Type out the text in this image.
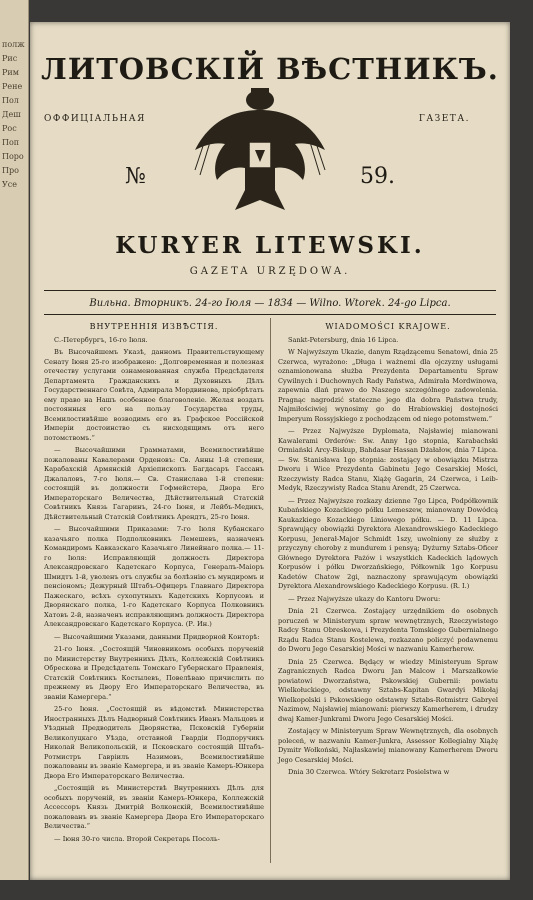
полж
Рис
Рим
Рене
Пол
Деш
Рос
Поп
Поро
Про
Усе
ЛИТОВСКІЙ ВѢСТНИКЪ.
ОФФИЦІАЛЬНАЯ	ГАЗЕТА.
№	59.
KURYER LITEWSKI.
GAZETA URZĘDOWA.
Вильна. Вторникъ. 24-го Іюля — 1834 — Wilno. Wtorek. 24-go Lipca.
ВНУТРЕННІЯ ИЗВѢСТІЯ.

С.-Петербургъ, 16-го Іюля.

Въ Высочайшемъ Указѣ, данномъ Правительствующему Сенату Іюня 25-го изображено: „Долговременная и полезная отечеству услугами ознаменованная служба Предсѣдателя Департамента Гражданскихъ и Духовныхъ Дѣлъ Государственнаго Совѣта, Адмирала Мордвинова, пріобрѣтать ему право на Нашъ особенное благоволеніе. Желая воздать постоянныя его на пользу Государства труды, Всемилостивѣйше возводимъ его въ Графское Россійской Имперіи достоинство съ нисходящимъ отъ него потомствомъ.“

— Высочайшими Грамматами, Всемилостивѣйше пожалованы Кавалерами Орденовъ: Св. Анны 1-й степени, Карабахскій Армянскій Архіепископъ Багдасаръ Гассанъ Джалаловъ, 7-го Іюля.— Св. Станислава 1-й степени: состоящій въ должности Гофмейстера, Двора Его Императорскаго Величества, Дѣйствительный Статскій Совѣтникъ Князь Гагаринъ, 24-го Іюня, и Лейбъ-Медикъ, Дѣйствительный Статскій Совѣтникъ Арендтъ, 25-го Іюня.

— Высочайшими Приказами: 7-го Іюля Кубанскаго казачьяго полка Подполковникъ Лемешевъ, назначенъ Командиромъ Кавказскаго Казачьяго Линейнаго полка.— 11-го Іюля: Исправляющій должность Директора Александровскаго Кадетскаго Корпуса, Генералъ-Маіоръ Шмидтъ 1-й, уволенъ отъ службы за болѣзнію съ мундиромъ и пенсіономъ; Дежурный Штабъ-Офицеръ Главнаго Директора Пажескаго, всѣхъ сухопутныхъ Кадетскихъ Корпусовъ и Дворянскаго полка, 1-го Кадетскаго Корпуса Полковникъ Хатовъ 2-й, назначенъ исправляющимъ должность Директора Александровскаго Кадетскаго Корпуса. (Р. Ин.)

— Высочайшими Указами, данными Придворной Конторѣ:

21-го Іюня. „Состоящій Чиновникомъ особыхъ порученій по Министерству Внутреннихъ Дѣлъ, Коллежскій Совѣтникъ Обрескова и Предсѣдатель Томскаго Губернскаго Правленія, Статскій Совѣтникъ Костылевъ, Повелѣваю причислить по прежнему въ Двору Его Императорскаго Величества, въ званіи Камергера.“

25-го Іюня. „Состоящій въ вѣдомствѣ Министерства Иностранныхъ Дѣлъ Надворный Совѣтникъ Иванъ Мальцовъ и Уѣздный Предводитель Дворянства, Псковскій Губерніи Великолуцкаго Уѣзда, отставной Гвардіи Подпоручикъ Николай Великопольскій, и Псковскаго состоящій Штабъ-Ротмистръ Гавріилъ Назимовъ, Всемилостивѣйше пожалованы въ званіе Камергера, и въ званіе Камеръ-Юнкера Двора Его Императорскаго Величества.

„Состоящій въ Министерствѣ Внутреннихъ Дѣлъ для особыхъ порученій, въ званіи Камеръ-Юнкера, Коллежскій Ассессоръ Князь Дмитрій Волконскій, Всемилостивѣйше пожалованъ въ званіе Камергера Двора Его Императорскаго Величества.“

— Іюня 30-го числа. Второй Секретарь Посоль-

WIADOMOŚCI KRAJOWE.

Sankt-Petersburg, dnia 16 Lipca.

W Najwyższym Ukazie, danym Rządzącemu Senatowi, dnia 25 Czerwca, wyrażono: „Długa i ważnemi dla ojczyzny usługami oznamionowana służba Prezydenta Departamentu Spraw Cywilnych i Duchownych Rady Państwa, Admirała Mordwinowa, zapewnia dlań prawo do Naszego szczególnego zadowolenia. Pragnąc nagrodzić stateczne jego dla dobra Państwa trudy, Najmiłościwiej wynosimy go do Hrabiowskiej dostojności Imperyum Rossyjskiego z pochodzącem od niego potomstwem.“

— Przez Najwyższe Dyplomata, Najsławiej mianowani Kawalerami Orderów: Sw. Anny 1go stopnia, Karabachski Ormiański Arcy-Biskup, Bahdasar Hassan Dżałałow, dnia 7 Lipca. — Sw. Stanisława 1go stopnia: zostający w obowiązku Mistrza Dworu i Wice Prezydenta Gabinetu Jego Cesarskiej Mości, Rzeczywisty Radca Stanu, Xiążę Gagarin, 24 Czerwca, i Leib-Medyk, Rzeczywisty Radca Stanu Arendt, 25 Czerwca.

— Przez Najwyższe rozkazy dzienne 7go Lipca, Podpółkownik Kubańskiego Kozackiego półku Lemeszew, mianowany Dowódcą Kaukazkiego Kozackiego Liniowego półku. — D. 11 Lipca. Sprawujący obowiązki Dyrektora Alexandrowskiego Kadeckiego Korpusu, Jenerał-Major Schmidt 1szy, uwolniony ze służby z przyczyny choroby z mundurem i pensyą; Dyżurny Sztabs-Oficer Głównego Dyrektora Pażów i wszystkich Kadeckich lądowych Korpusów i półku Dworzańskiego, Półkownik 1go Korpusu Kadetów Chatow 2gi, naznaczony sprawującym obowiązki Dyrektora Alexandrowskiego Kadeckiego Korpusu. (R. I.)

— Przez Najwyższe ukazy do Kantoru Dworu:

Dnia 21 Czerwca. Zostający urzędnikiem do osobnych poruczeń w Ministeryum spraw wewnętrznych, Rzeczywistego Radcy Stanu Obreskowa, i Prezydenta Tomskiego Gubernialnego Rządu Radca Stanu Kostelewa, rozkazano policzyć podawnemu do Dworu Jego Cesarskiej Mości w nazwaniu Kamerherow.

Dnia 25 Czerwca. Będący w wiedzy Ministeryum Spraw Zagranicznych Radca Dworu Jan Malcow i Marszałkowie powiatowi Dworzaństwa, Pskowskiej Gubernii: powiatu Wielkołuckiego, odstawny Sztabs-Kapitan Gwardyi Mikołaj Wielkopolski i Pskowskiego odstawny Sztabs-Rotmistrz Gabryel Nazimow, Najsławiej mianowani: pierwszy Kamerherem, i drudzy dwaj Kamer-Junkrami Dworu Jego Cesarskiej Mości.

Zostający w Ministeryum Spraw Wewnętrznych, dla osobnych poleceń, w nazwaniu Kamer-Junkra, Assessor Kollegialny Xiążę Dymitr Wołkoński, Najłaskawiej mianowany Kamerherem Dworu Jego Cesarskiej Mości.

Dnia 30 Czerwca. Wtóry Sekretarz Posielstwa w
